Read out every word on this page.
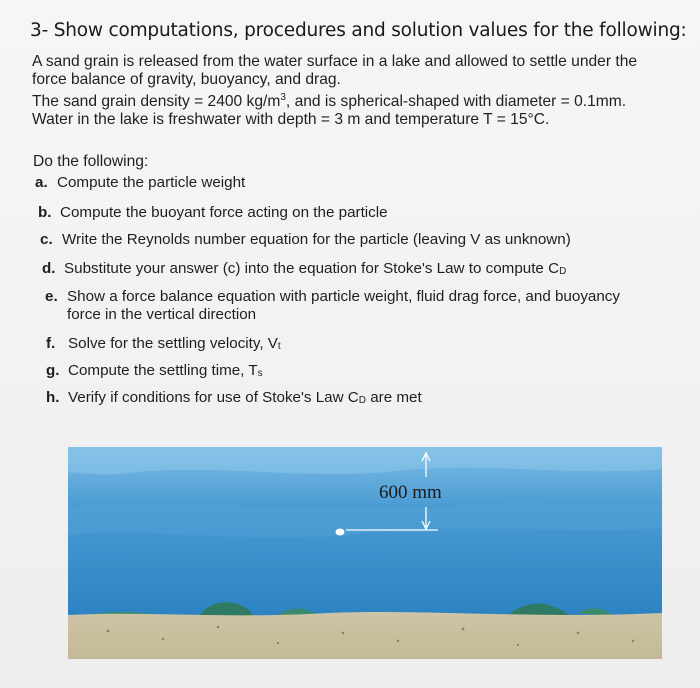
3- Show computations, procedures and solution values for the following:
A sand grain is released from the water surface in a lake and allowed to settle under the
force balance of gravity, buoyancy, and drag.
The sand grain density = 2400 $kg/m^3$, and is spherical-shaped with diameter = 0.1mm.
Water in the lake is freshwater with depth = 3 m and temperature T = 15°C.
Do the following:
a. Compute the particle weight
b. Compute the buoyant force acting on the particle
c. Write the Reynolds number equation for the particle (leaving V as unknown)
d. Substitute your answer (c) into the equation for Stoke's Law to compute CD
e. Show a force balance equation with particle weight, fluid drag force, and buoyancy
force in the vertical direction
f. Solve for the settling velocity, Vt
g. Compute the settling time, Ts
h. Verify if conditions for use of Stoke's Law CD are met
600 mm
